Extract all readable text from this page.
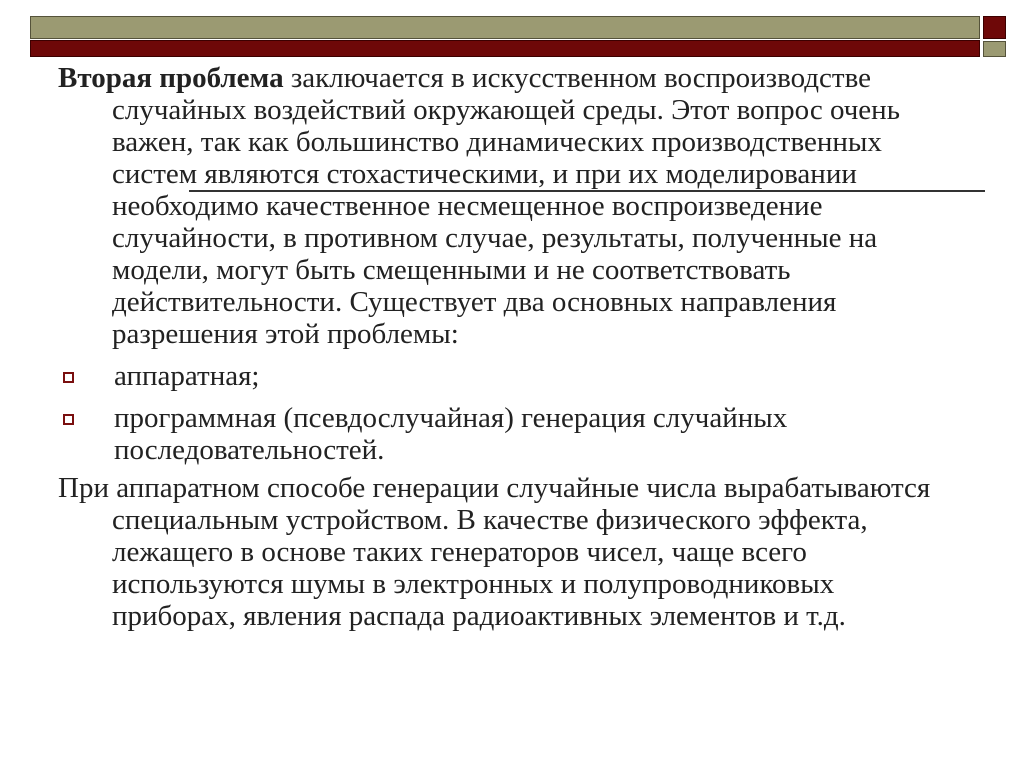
Вторая проблема заключается в искусственном воспроизводстве случайных воздействий окружающей среды. Этот вопрос очень важен, так как большинство динамических производственных систем являются стохастическими, и при их моделировании необходимо качественное несмещенное воспроизведение случайности, в противном случае, результаты, полученные на модели, могут быть смещенными и не соответствовать действительности. Существует два основных направления разрешения этой проблемы:

аппаратная;
программная (псевдослучайная) генерация случайных последовательностей.

При аппаратном способе генерации случайные числа вырабатываются специальным устройством. В качестве физического эффекта, лежащего в основе таких генераторов чисел, чаще всего используются шумы в электронных и полупроводниковых приборах, явления распада радиоактивных элементов и т.д.
